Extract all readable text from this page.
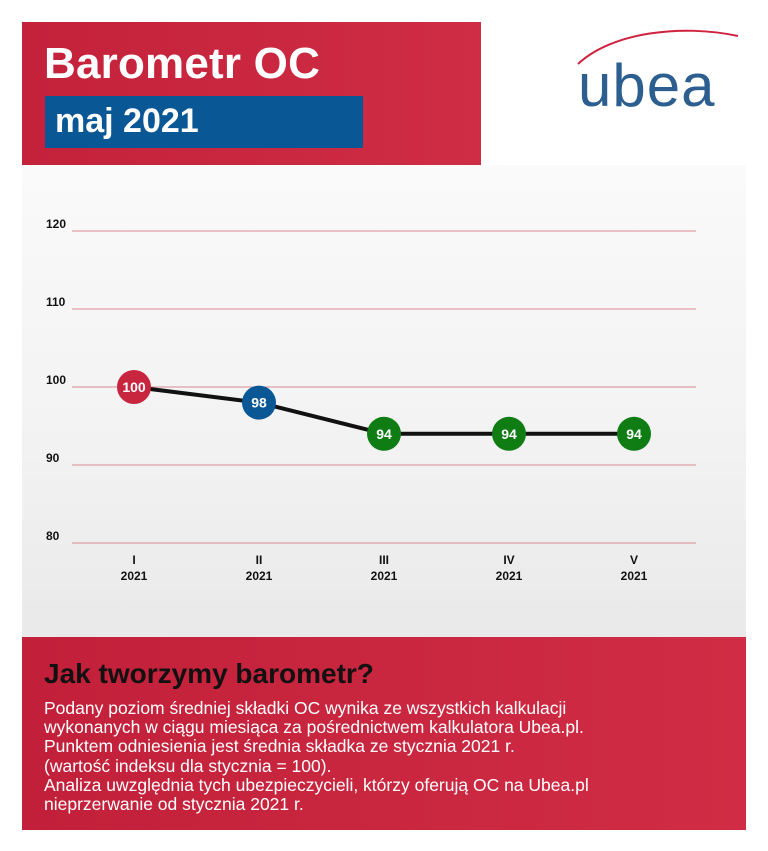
Barometr OC
maj 2021
ubea
80
90
100
110
120
100
98
94	94	94
I
2021
II
2021
III
2021
IV
2021
V
2021
Jak tworzymy barometr?
Podany poziom średniej składki OC wynika ze wszystkich kalkulacji
wykonanych w ciągu miesiąca za pośrednictwem kalkulatora Ubea.pl.
Punktem odniesienia jest średnia składka ze stycznia 2021 r.
(wartość indeksu dla stycznia = 100).
Analiza uwzględnia tych ubezpieczycieli, którzy oferują OC na Ubea.pl
nieprzerwanie od stycznia 2021 r.
